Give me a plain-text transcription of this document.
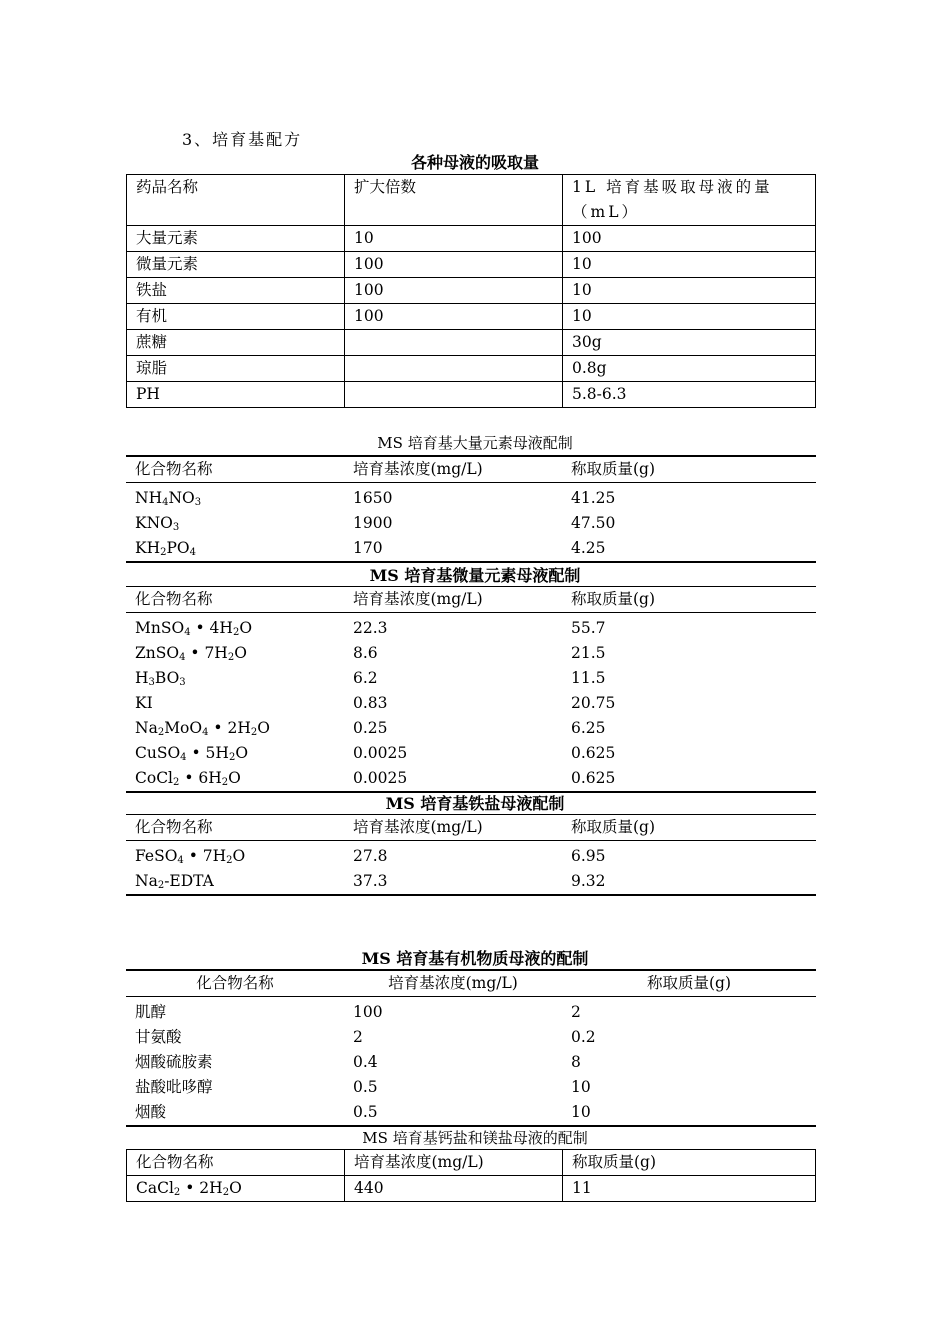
3、培育基配方
各种母液的吸取量
药品名称	扩大倍数	1L 培育基吸取母液的量（mL）
大量元素	10	100
微量元素	100	10
铁盐	100	10
有机	100	10
蔗糖		30g
琼脂		0.8g
PH		5.8-6.3
MS 培育基大量元素母液配制
化合物名称	培育基浓度(mg/L)	称取质量(g)
$NH_4NO_3$	1650	41.25
$KNO_3$	1900	47.50
$KH_2PO_4$	170	4.25
MS 培育基微量元素母液配制
化合物名称	培育基浓度(mg/L)	称取质量(g)
MnSO$_4$ • $4H_2O$	22.3	55.7
ZnSO$_4$ • $7H_2O$	8.6	21.5
$H_3BO_3$	6.2	11.5
KI	0.83	20.75
$Na_2MoO_4$ • $2H_2O$	0.25	6.25
CuSO$_4$ • $5H_2O$	0.0025	0.625
CoCl$_2$ • $6H_2O$	0.0025	0.625
MS 培育基铁盐母液配制
化合物名称	培育基浓度(mg/L)	称取质量(g)
FeSO$_4$ • $7H_2O$	27.8	6.95
$Na_2$-EDTA	37.3	9.32
MS 培育基有机物质母液的配制
化合物名称	培育基浓度(mg/L)	称取质量(g)
肌醇	100	2
甘氨酸	2	0.2
烟酸硫胺素	0.4	8
盐酸吡哆醇	0.5	10
烟酸	0.5	10
MS 培育基钙盐和镁盐母液的配制
化合物名称	培育基浓度(mg/L)	称取质量(g)
CaCl$_2$ • $2H_2O$	440	11
